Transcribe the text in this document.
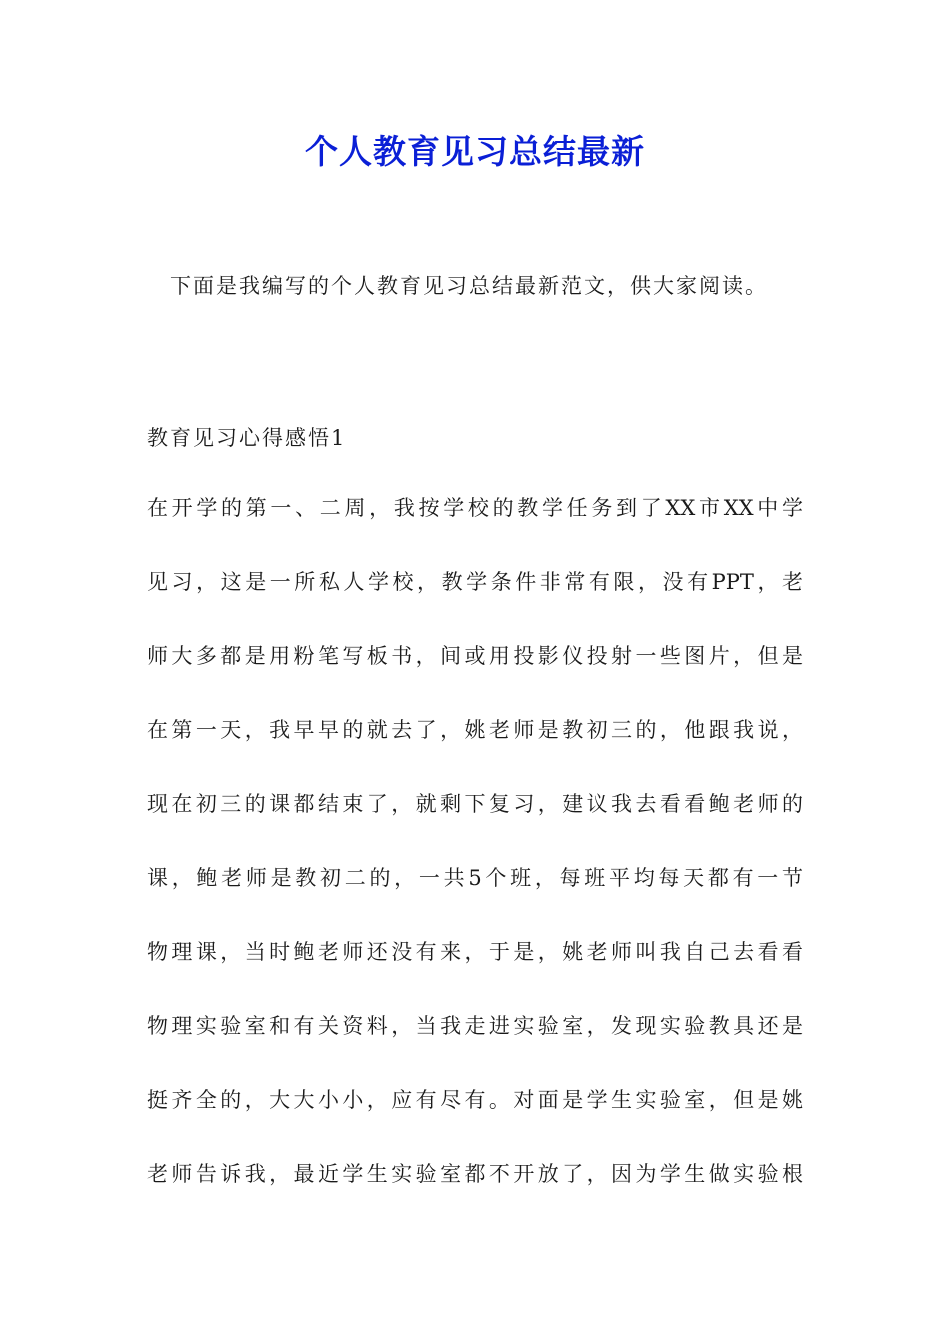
个人教育见习总结最新
下面是我编写的个人教育见习总结最新范文，供大家阅读。
教育见习心得感悟1
在开学的第一、二周，我按学校的教学任务到了XX市XX中学
见习，这是一所私人学校，教学条件非常有限，没有PPT，老
师大多都是用粉笔写板书，间或用投影仪投射一些图片，但是
在第一天，我早早的就去了，姚老师是教初三的，他跟我说，
现在初三的课都结束了，就剩下复习，建议我去看看鲍老师的
课，鲍老师是教初二的，一共5个班，每班平均每天都有一节
物理课，当时鲍老师还没有来，于是，姚老师叫我自己去看看
物理实验室和有关资料，当我走进实验室，发现实验教具还是
挺齐全的，大大小小，应有尽有。对面是学生实验室，但是姚
老师告诉我，最近学生实验室都不开放了，因为学生做实验根
